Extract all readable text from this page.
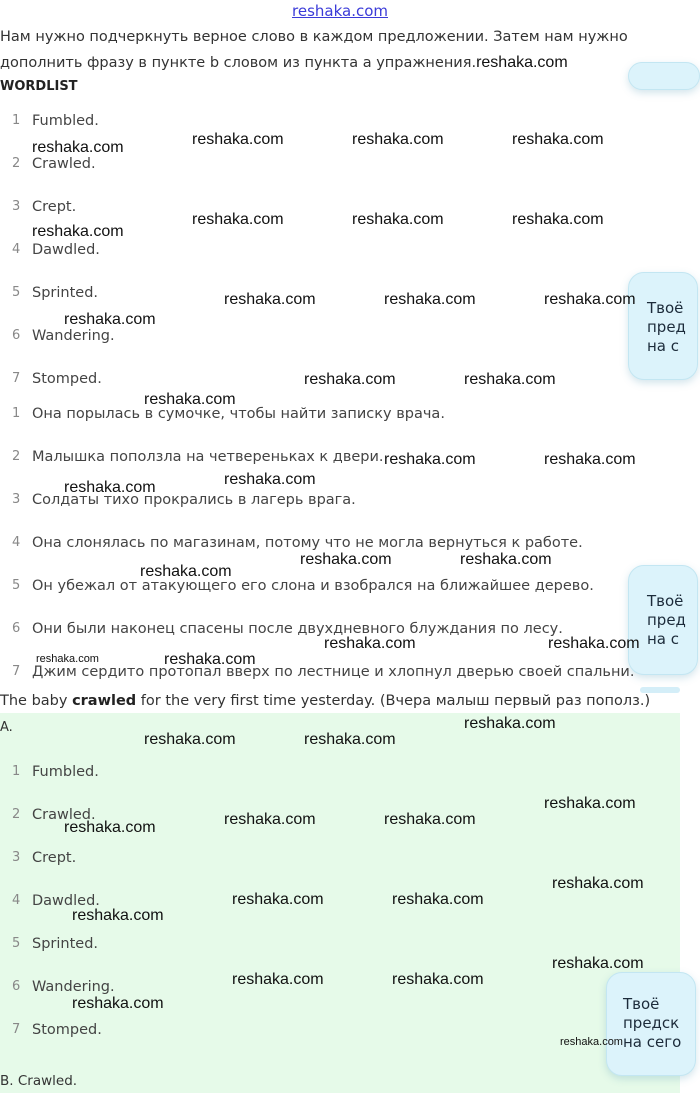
reshaka.com
Нам нужно подчеркнуть верное слово в каждом предложении. Затем нам нужно дополнить фразу в пункте b словом из пункта a упражнения.reshaka.com
WORDLIST
Твоё
пред
на с
Твоё
пред
на с
1 Fumbled.
2 Crawled.
3 Crept.
4 Dawdled.
5 Sprinted.
6 Wandering.
7 Stomped.
1 Она порылась в сумочке, чтобы найти записку врача.
2 Малышка поползла на четвереньках к двери.
3 Солдаты тихо прокрались в лагерь врага.
4 Она слонялась по магазинам, потому что не могла вернуться к работе.
5 Он убежал от атакующего его слона и взобрался на ближайшее дерево.
6 Они были наконец спасены после двухдневного блуждания по лесу.
7 Джим сердито протопал вверх по лестнице и хлопнул дверью своей спальни.
The baby crawled for the very first time yesterday. (Вчера малыш первый раз пополз.)
A.
1 Fumbled.
2 Crawled.
3 Crept.
4 Dawdled.
5 Sprinted.
6 Wandering.
7 Stomped.
B. Crawled.
Твоё
предск
на сего
reshaka.com	reshaka.com	reshaka.com
reshaka.com
reshaka.com	reshaka.com	reshaka.com
reshaka.com
reshaka.com	reshaka.com	reshaka.com
reshaka.com
reshaka.com	reshaka.com
reshaka.com
reshaka.com	reshaka.com
reshaka.com
reshaka.com
reshaka.com	reshaka.com
reshaka.com
reshaka.com	reshaka.com
reshaka.com	reshaka.com
reshaka.com
reshaka.com	reshaka.com
reshaka.com
reshaka.com	reshaka.com
reshaka.com
reshaka.com
reshaka.com	reshaka.com
reshaka.com
reshaka.com
reshaka.com	reshaka.com
reshaka.com
reshaka.com
